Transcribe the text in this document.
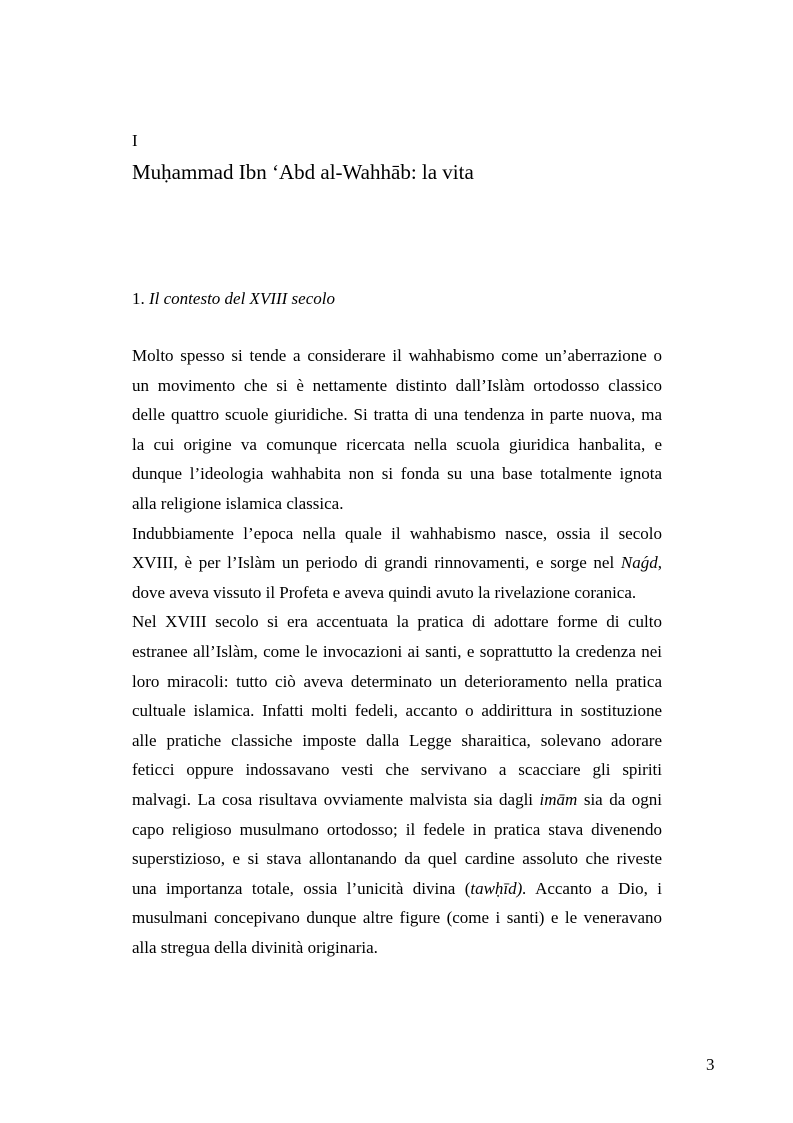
I
Muḥammad Ibn ‘Abd al-Wahhāb: la vita
1. Il contesto del XVIII secolo

Molto spesso si tende a considerare il wahhabismo come un’aberrazione o
un movimento che si è nettamente distinto dall’Islàm ortodosso classico
delle quattro scuole giuridiche. Si tratta di una tendenza in parte nuova, ma
la cui origine va comunque ricercata nella scuola giuridica hanbalita, e
dunque l’ideologia wahhabita non si fonda su una base totalmente ignota
alla religione islamica classica.

Indubbiamente l’epoca nella quale il wahhabismo nasce, ossia il secolo
XVIII, è per l’Islàm un periodo di grandi rinnovamenti, e sorge nel Naǵd,
dove aveva vissuto il Profeta e aveva quindi avuto la rivelazione coranica.

Nel XVIII secolo si era accentuata la pratica di adottare forme di culto
estranee all’Islàm, come le invocazioni ai santi, e soprattutto la credenza nei
loro miracoli: tutto ciò aveva determinato un deterioramento nella pratica
cultuale islamica. Infatti molti fedeli, accanto o addirittura in sostituzione
alle pratiche classiche imposte dalla Legge sharaitica, solevano adorare
feticci oppure indossavano vesti che servivano a scacciare gli spiriti
malvagi. La cosa risultava ovviamente malvista sia dagli imām sia da ogni
capo religioso musulmano ortodosso; il fedele in pratica stava divenendo
superstizioso, e si stava allontanando da quel cardine assoluto che riveste
una importanza totale, ossia l’unicità divina (tawḥīd). Accanto a Dio, i
musulmani concepivano dunque altre figure (come i santi) e le veneravano
alla stregua della divinità originaria.

3
